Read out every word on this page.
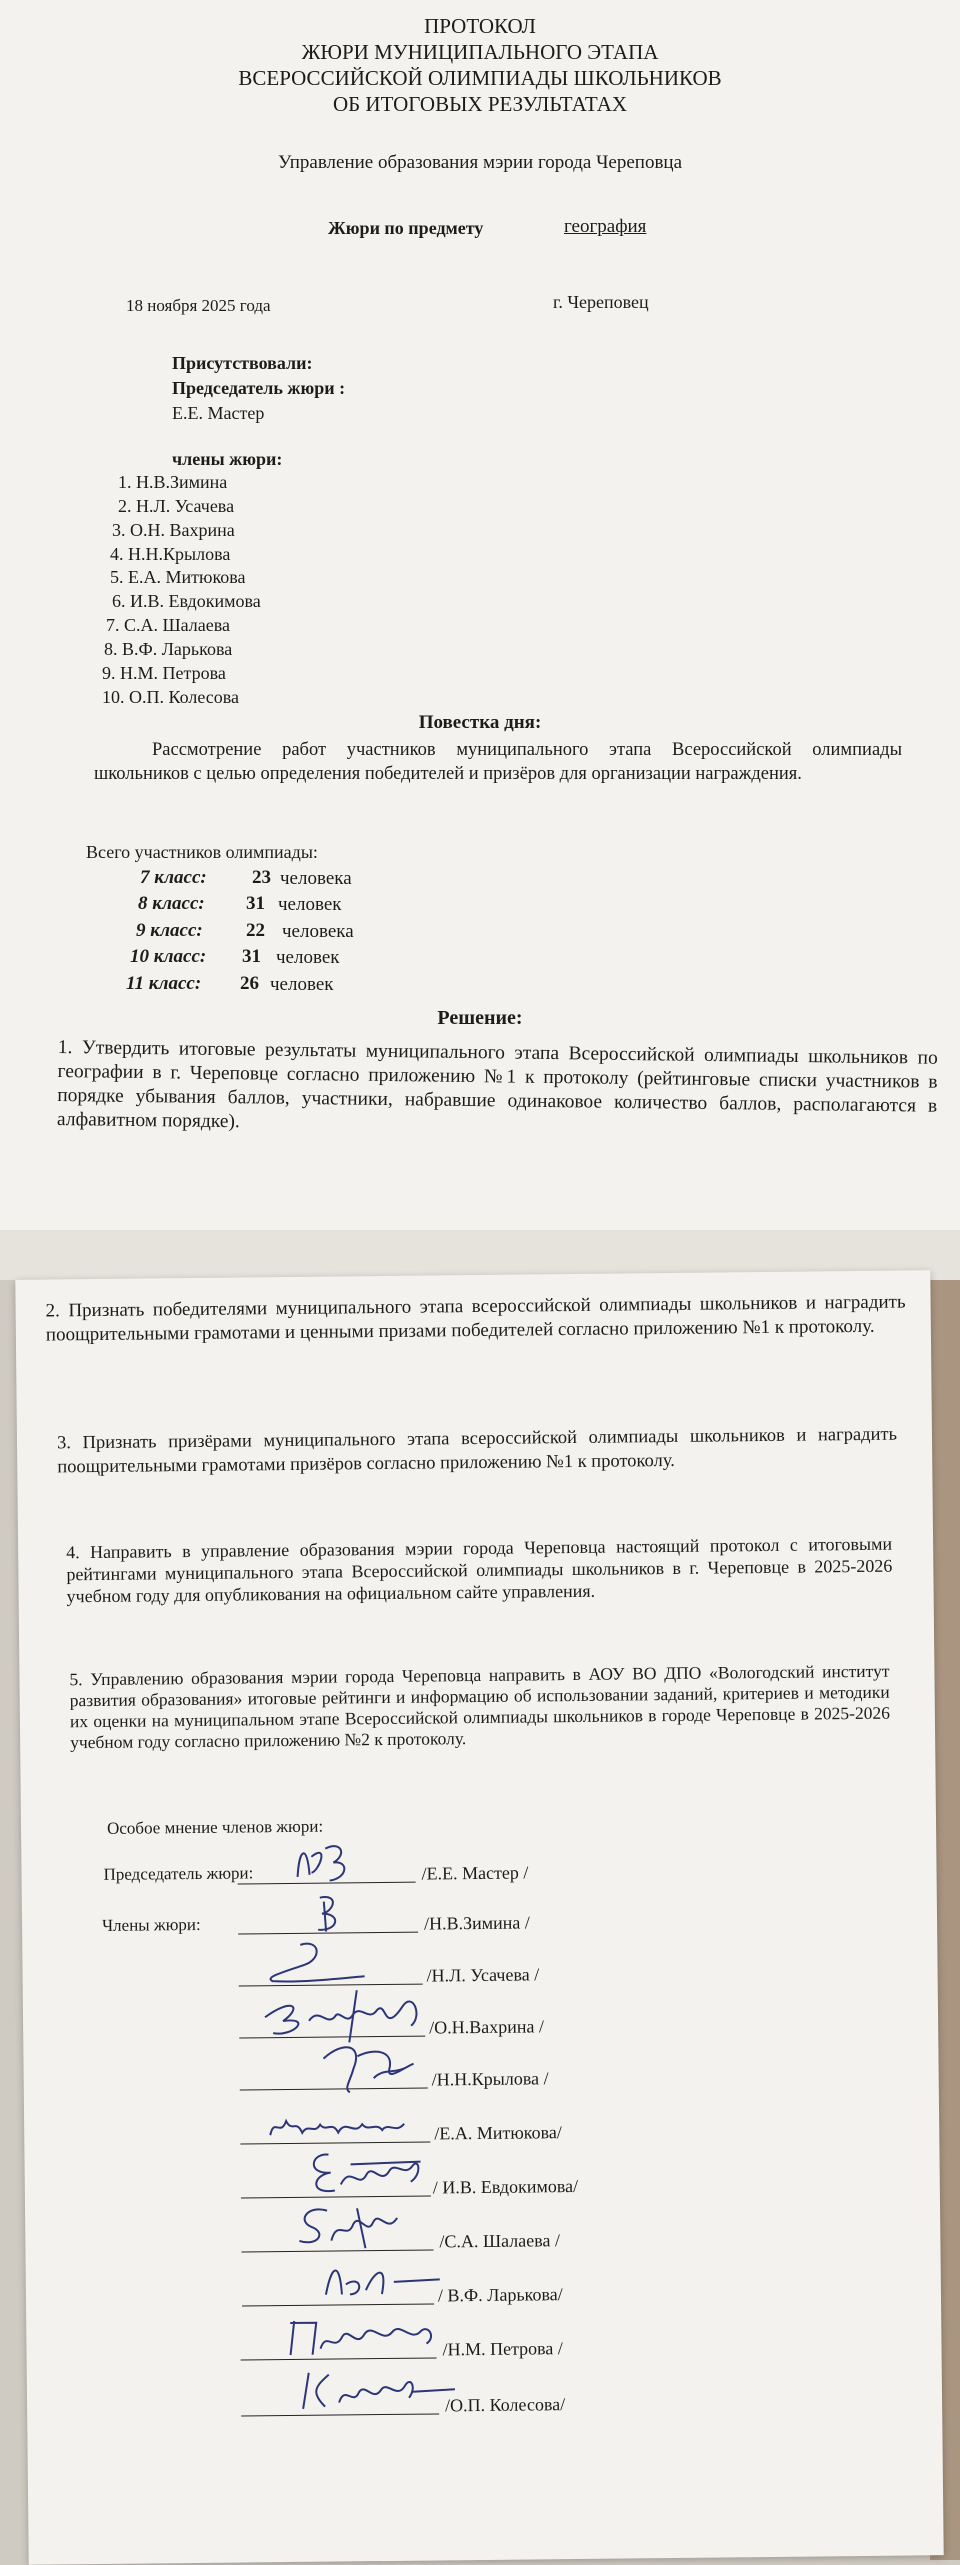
ПРОТОКОЛ
ЖЮРИ МУНИЦИПАЛЬНОГО ЭТАПА
ВСЕРОССИЙСКОЙ ОЛИМПИАДЫ ШКОЛЬНИКОВ
ОБ ИТОГОВЫХ РЕЗУЛЬТАТАХ
Управление образования мэрии города Череповца
Жюри по предмету	география
18 ноября 2025 года	г. Череповец
Присутствовали:
Председатель жюри :
Е.Е. Мастер
члены жюри:
1. Н.В.Зимина
2. Н.Л. Усачева
3. О.Н. Вахрина
4. Н.Н.Крылова
5. Е.А. Митюкова
6. И.В. Евдокимова
7. С.А. Шалаева
8. В.Ф. Ларькова
9. Н.М. Петрова
10. О.П. Колесова
Повестка дня:
Рассмотрение работ участников муниципального этапа Всероссийской олимпиады школьников с целью определения победителей и призёров для организации награждения.
Всего участников олимпиады:
7 класс: 23 человека
8 класс: 31 человек
9 класс: 22 человека
10 класс: 31 человек
11 класс: 26 человек
Решение:
1. Утвердить итоговые результаты муниципального этапа Всероссийской олимпиады школьников по географии в г. Череповце согласно приложению №1 к протоколу (рейтинговые списки участников в порядке убывания баллов, участники, набравшие одинаковое количество баллов, располагаются в алфавитном порядке).
2. Признать победителями муниципального этапа всероссийской олимпиады школьников и наградить поощрительными грамотами и ценными призами победителей согласно приложению №1 к протоколу.
3. Признать призёрами муниципального этапа всероссийской олимпиады школьников и наградить поощрительными грамотами призёров согласно приложению №1 к протоколу.
4. Направить в управление образования мэрии города Череповца настоящий протокол с итоговыми рейтингами муниципального этапа Всероссийской олимпиады школьников в г. Череповце в 2025-2026 учебном году для опубликования на официальном сайте управления.
5. Управлению образования мэрии города Череповца направить в АОУ ВО ДПО «Вологодский институт развития образования» итоговые рейтинги и информацию об использовании заданий, критериев и методики их оценки на муниципальном этапе Всероссийской олимпиады школьников в городе Череповце в 2025-2026 учебном году согласно приложению №2 к протоколу.
Особое мнение членов жюри:
Председатель жюри:
Члены жюри:
/Е.Е. Мастер /
/Н.В.Зимина /
/Н.Л. Усачева /
/О.Н.Вахрина /
/Н.Н.Крылова /
/Е.А. Митюкова/
/ И.В. Евдокимова/
/С.А. Шалаева /
/ В.Ф. Ларькова/
/Н.М. Петрова /
/О.П. Колесова/
